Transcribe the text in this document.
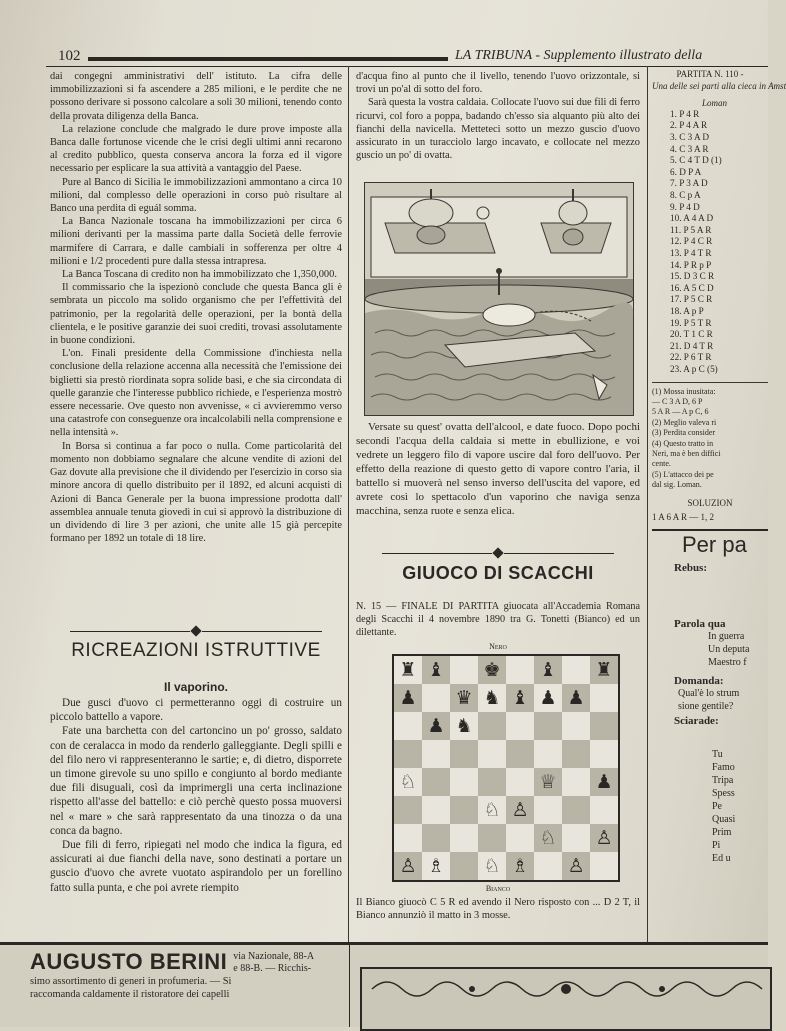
102	LA TRIBUNA - Supplemento illustrato della

dai congegni amministrativi dell' istituto. La cifra delle immobilizzazioni si fa ascendere a 285 milioni, e le perdite che ne possono derivare si possono calcolare a soli 30 milioni, tenendo conto della provata diligenza della Banca.

La relazione conclude che malgrado le dure prove imposte alla Banca dalle fortunose vicende che le crisi degli ultimi anni recarono al credito pubblico, questa conserva ancora la forza ed il vigore necessario per esplicare la sua attività a vantaggio del Paese.

Pure al Banco di Sicilia le immobilizzazioni ammontano a circa 10 milioni, dal complesso delle operazioni in corso può risultare al Banco una perdita di eguál somma.

La Banca Nazionale toscana ha immobilizzazioni per circa 6 milioni derivanti per la massima parte dalla Società delle ferrovie marmifere di Carrara, e dalle cambiali in sofferenza per oltre 4 milioni e 1/2 procedenti pure dalla stessa intrapresa.

La Banca Toscana di credito non ha immobilizzato che 1,350,000.

Il commissario che la ispezionò conclude che questa Banca gli è sembrata un piccolo ma solido organismo che per l'effettività del patrimonio, per la regolarità delle operazioni, per la bontà della clientela, e le positive garanzie dei suoi crediti, trovasi assolutamente in buone condizioni.

L'on. Finali presidente della Commissione d'inchiesta nella conclusione della relazione accenna alla necessità che l'emissione dei biglietti sia prestò riordinata sopra solide basi, e che sia circondata di quelle garanzie che l'interesse pubblico richiede, e l'esperienza mostrò essere necessarie. Ove questo non avvenisse, « ci avvieremmo verso una catastrofe con conseguenze ora incalcolabili nella comprensione e nella intensità ».

In Borsa si continua a far poco o nulla. Come particolarità del momento non dobbiamo segnalare che alcune vendite di azioni del Gaz dovute alla previsione che il dividendo per l'esercizio in corso sia minore ancora di quello distribuito per il 1892, ed alcuni acquisti di Azioni di Banca Generale per la buona impressione prodotta dall' assemblea annuale tenuta giovedì in cui si approvò la distribuzione di un dividendo di lire 3 per azioni, che unite alle 15 già percepite formano per 1892 un totale di 18 lire.

RICREAZIONI ISTRUTTIVE
Il vaporino.

Due gusci d'uovo ci permetteranno oggi di costruire un piccolo battello a vapore.

Fate una barchetta con del cartoncino un po' grosso, saldato con de ceralacca in modo da renderlo galleggiante. Degli spilli e del filo nero vi rappresenteranno le sartie; e, di dietro, disporrete un timone girevole su uno spillo e congiunto al bordo mediante due fili disuguali, così da imprimergli una certa inclinazione rispetto all'asse del battello: e ciò perchè questo possa muoversi nel « mare » che sarà rappresentato da una tinozza o da una conca da bagno.

Due fili di ferro, ripiegati nel modo che indica la figura, ed assicurati ai due fianchi della nave, sono destinati a portare un guscio d'uovo che avrete vuotato aspirandolo per un forellino fatto sulla punta, e che poi avrete riempito

d'acqua fino al punto che il livello, tenendo l'uovo orizzontale, si trovi un po'al di sotto del foro.

Sarà questa la vostra caldaia. Collocate l'uovo sui due fili di ferro ricurvi, col foro a poppa, badando ch'esso sia alquanto più alto dei fianchi della navicella. Metteteci sotto un mezzo guscio d'uovo assicurato in un turacciolo largo incavato, e collocate nel mezzo guscio un po' di ovatta.

Versate su quest' ovatta dell'alcool, e date fuoco. Dopo pochi secondi l'acqua della caldaia si mette in ebullizione, e voi vedrete un leggero filo di vapore uscire dal foro dell'uovo. Per effetto della reazione di questo getto di vapore contro l'aria, il battello si muoverà nel senso inverso dell'uscita del vapore, ed avrete così lo spettacolo d'un vaporino che naviga senza macchina, senza ruote e senza elica.

GIUOCO DI SCACCHI
N. 15 — FINALE DI PARTITA giuocata all'Accademia Romana degli Scacchi il 4 novembre 1890 tra G. Tonetti (Bianco) ed un dilettante.
Nero
♜ ♝ ♚ ♝ ♜
♟ ♛ ♞ ♝ ♟ ♟
♟ ♞
♘	♕ ♟
♘ ♙
♘ ♙
♙ ♗ ♘ ♗ ♙
Bianco
Il Bianco giuocò C 5 R ed avendo il Nero risposto con ... D 2 T, il Bianco annunziò il matto in 3 mosse.
PARTITA N. 110 -
Una delle sei parti alla cieca in Amst
Loman
1. P 4 R
2. P 4 A R
3. C 3 A D
4. C 3 A R
5. C 4 T D (1)
6. D P A
7. P 3 A D
8. C p A
9. P 4 D
10. A 4 A D
11. P 5 A R
12. P 4 C R
13. P 4 T R
14. P R p P
15. D 3 C R
16. A 5 C D
17. P 5 C R
18. A p P
19. P 5 T R
20. T 1 C R
21. D 4 T R
22. P 6 T R
23. A p C (5)
(1) Mossa inusitata:
— C 3 A D, 6 P
5 A R — A p C, 6
(2) Meglio valeva ri
(3) Perdita consider
(4) Questo tratto in
Neri, ma è ben diffici
cente.
(5) L'attacco dei pe
dal sig. Loman.
SOLUZION
1 A 6 A R — 1, 2
Per pa
Rebus:
Parola qua
In guerra
Un deputa
Maestro f
Domanda:
Qual'è lo strum
sione gentile?
Sciarade:
Tu
Famo
Tripa
Spess
Pe
Quasi
Prim
Pi
Ed u
AUGUSTO BERINI via Nazionale, 88-A
e 88-B. — Ricchis-
simo assortimento di generi in profumeria. — Si
raccomanda caldamente il ristoratore dei capelli
